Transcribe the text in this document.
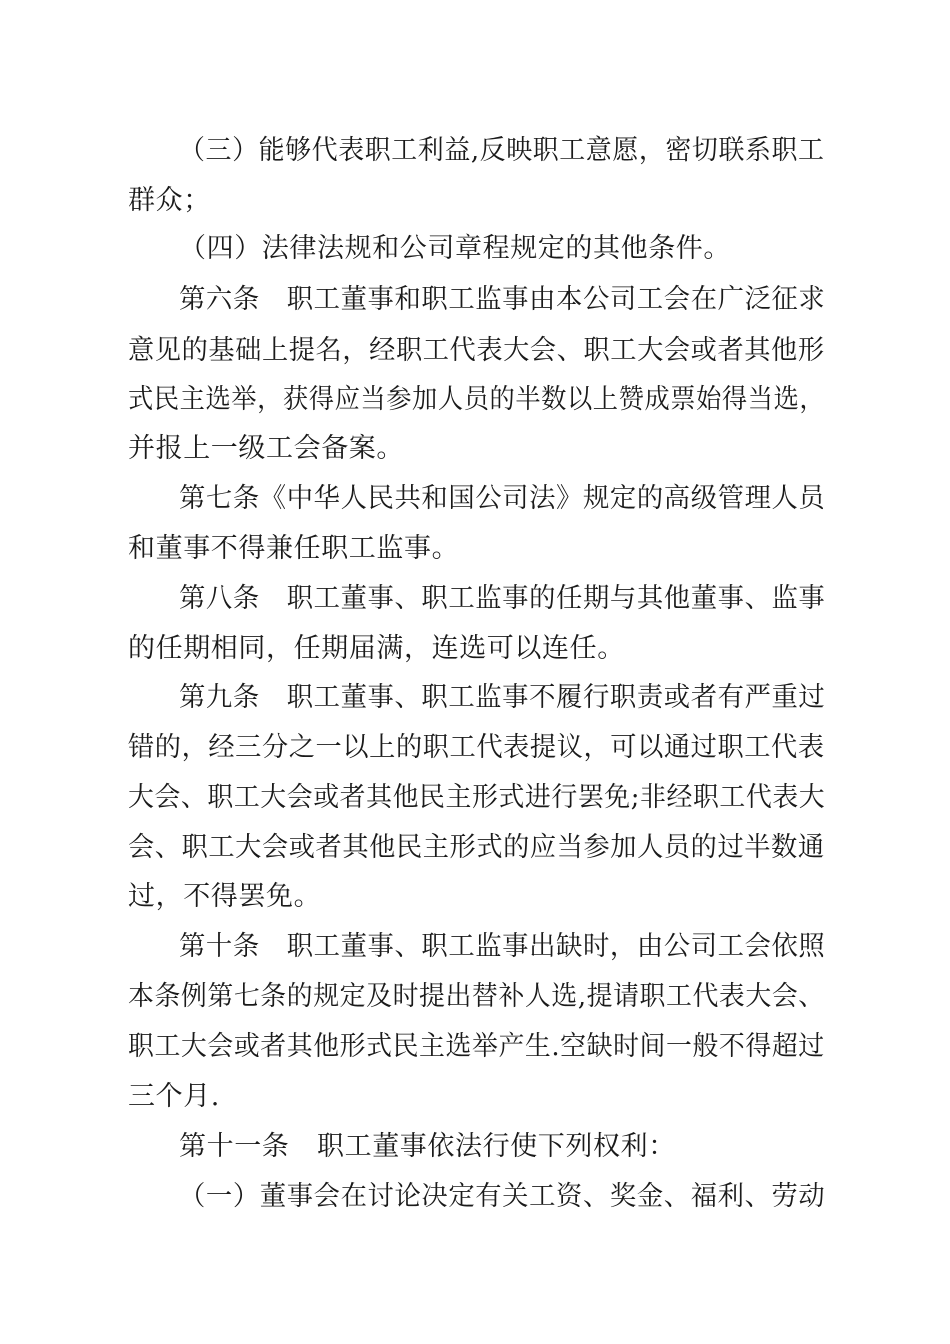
（三）能够代表职工利益,反映职工意愿，密切联系职工
群众；
（四）法律法规和公司章程规定的其他条件。
第六条　职工董事和职工监事由本公司工会在广泛征求
意见的基础上提名，经职工代表大会、职工大会或者其他形
式民主选举，获得应当参加人员的半数以上赞成票始得当选，
并报上一级工会备案。
第七条《中华人民共和国公司法》规定的高级管理人员
和董事不得兼任职工监事。
第八条　职工董事、职工监事的任期与其他董事、监事
的任期相同，任期届满，连选可以连任。
第九条　职工董事、职工监事不履行职责或者有严重过
错的，经三分之一以上的职工代表提议，可以通过职工代表
大会、职工大会或者其他民主形式进行罢免;非经职工代表大
会、职工大会或者其他民主形式的应当参加人员的过半数通
过，不得罢免。
第十条　职工董事、职工监事出缺时，由公司工会依照
本条例第七条的规定及时提出替补人选,提请职工代表大会、
职工大会或者其他形式民主选举产生.空缺时间一般不得超过
三个月.
第十一条　职工董事依法行使下列权利：
（一）董事会在讨论决定有关工资、奖金、福利、劳动
